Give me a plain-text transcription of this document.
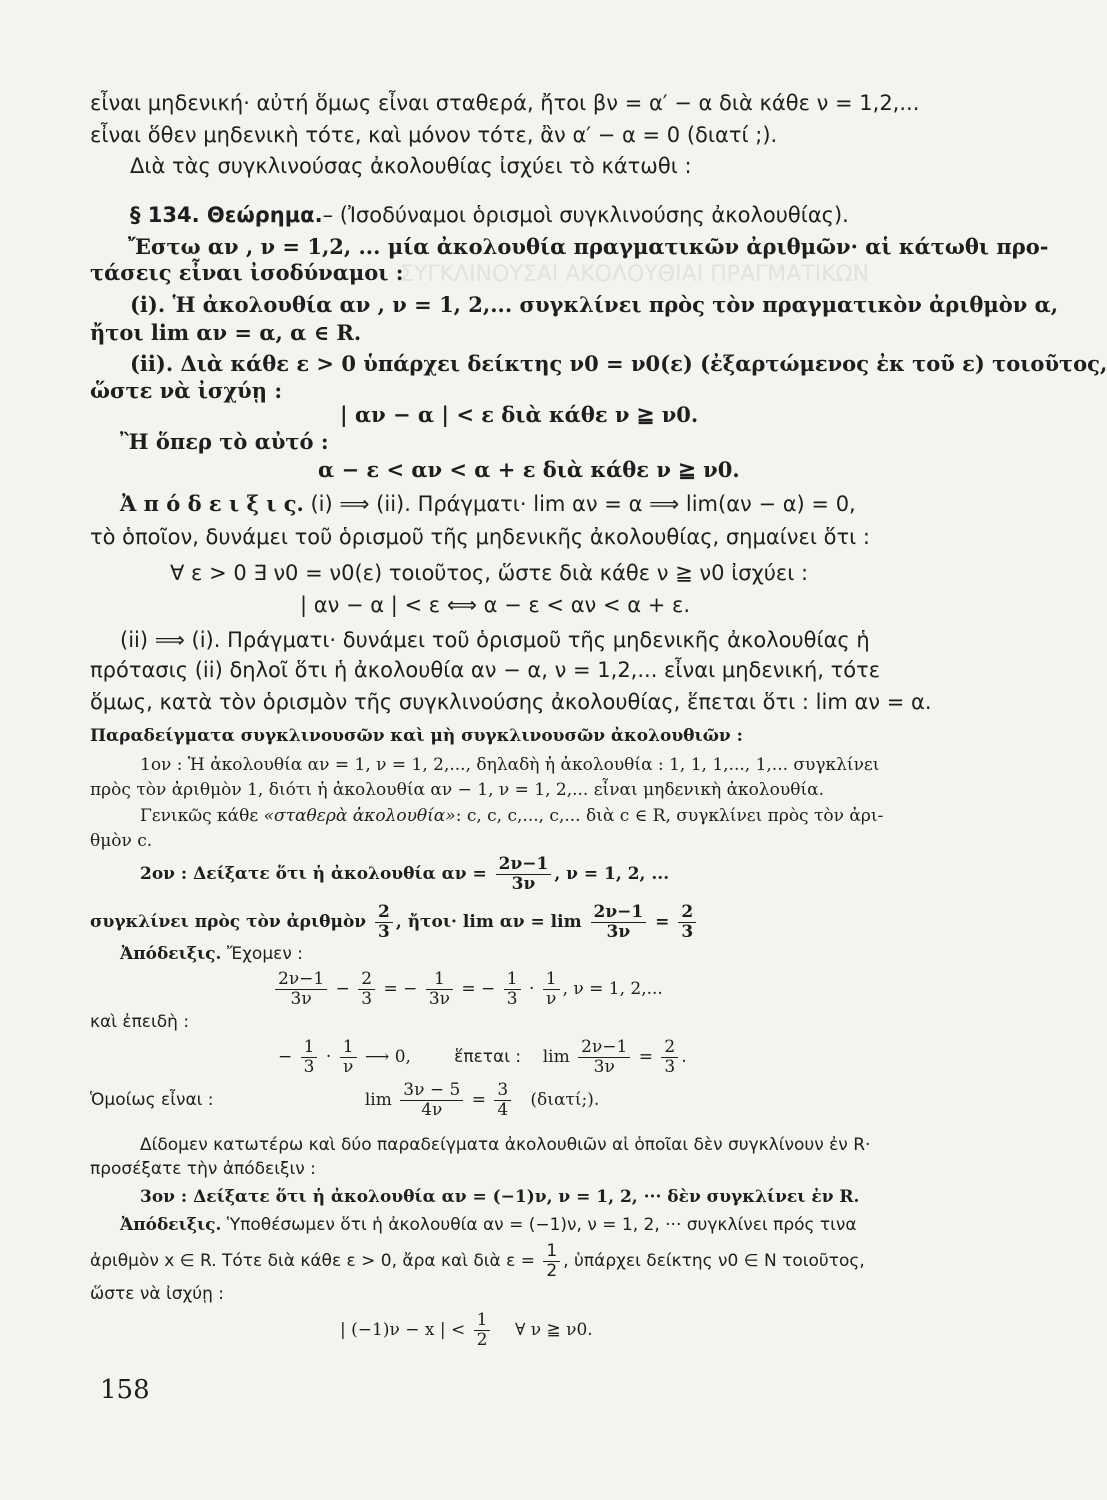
ΣΥΓΚΛΙΝΟΥΣΑΙ ΑΚΟΛΟΥΘΙΑΙ ΠΡΑΓΜΑΤΙΚΩΝ
εἶναι μηδενική· αὐτή ὅμως εἶναι σταθερά, ἤτοι βν = α′ − α διὰ κάθε ν = 1,2,...
εἶναι ὅθεν μηδενικὴ τότε, καὶ μόνον τότε, ἂν α′ − α = 0 (διατί ;).
Διὰ τὰς συγκλινούσας ἀκολουθίας ἰσχύει τὸ κάτωθι :
§ 134. Θεώρημα.– (Ἰσοδύναμοι ὁρισμοὶ συγκλινούσης ἀκολουθίας).
Ἔστω αν , ν = 1,2, ... μία ἀκολουθία πραγματικῶν ἀριθμῶν· αἱ κάτωθι προ-
τάσεις εἶναι ἰσοδύναμοι :
(i). Ἡ ἀκολουθία αν , ν = 1, 2,... συγκλίνει πρὸς τὸν πραγματικὸν ἀριθμὸν α,
ἤτοι lim αν = α, α ∈ R.
(ii). Διὰ κάθε ε > 0 ὑπάρχει δείκτης ν0 = ν0(ε) (ἐξαρτώμενος ἐκ τοῦ ε) τοιοῦτος,
ὥστε νὰ ἰσχύῃ :
| αν − α | < ε διὰ κάθε ν ≧ ν0.
Ἢ ὅπερ τὸ αὐτό :
α − ε < αν < α + ε διὰ κάθε ν ≧ ν0.
Ἀ π ό δ ε ι ξ ι ς. (i) ⟹ (ii). Πράγματι· lim αν = α ⟹ lim(αν − α) = 0,
τὸ ὁποῖον, δυνάμει τοῦ ὁρισμοῦ τῆς μηδενικῆς ἀκολουθίας, σημαίνει ὅτι :
∀ ε > 0 ∃ ν0 = ν0(ε) τοιοῦτος, ὥστε διὰ κάθε ν ≧ ν0 ἰσχύει :
| αν − α | < ε ⟺ α − ε < αν < α + ε.
(ii) ⟹ (i). Πράγματι· δυνάμει τοῦ ὁρισμοῦ τῆς μηδενικῆς ἀκολουθίας ἡ
πρότασις (ii) δηλοῖ ὅτι ἡ ἀκολουθία αν − α, ν = 1,2,... εἶναι μηδενική, τότε
ὅμως, κατὰ τὸν ὁρισμὸν τῆς συγκλινούσης ἀκολουθίας, ἕπεται ὅτι : lim αν = α.
Παραδείγματα συγκλινουσῶν καὶ μὴ συγκλινουσῶν ἀκολουθιῶν :
1ον : Ἡ ἀκολουθία αν = 1, ν = 1, 2,..., δηλαδὴ ἡ ἀκολουθία : 1, 1, 1,..., 1,... συγκλίνει
πρὸς τὸν ἀριθμὸν 1, διότι ἡ ἀκολουθία αν − 1, ν = 1, 2,... εἶναι μηδενικὴ ἀκολουθία.
Γενικῶς κάθε «σταθερὰ ἀκολουθία»: c, c, c,..., c,... διὰ c ∈ R, συγκλίνει πρὸς τὸν ἀρι-
θμὸν c.
2ον : Δείξατε ὅτι ἡ ἀκολουθία $\alpha\nu = \frac{2\nu-1}{3\nu}$ , ν = 1, 2, ...
συγκλίνει πρὸς τὸν ἀριθμὸν $\frac{2}{3}$ , ἤτοι· $\lim \alpha\nu = \lim \frac{2\nu-1}{3\nu} = \frac{2}{3}$
Ἀπόδειξις. Ἔχομεν :
$\frac{2\nu-1}{3\nu} - \frac{2}{3}$ = − $\frac{1}{3\nu}$ = − $\frac{1}{3} \cdot \frac{1}{\nu}$ , ν = 1, 2,...
καὶ ἐπειδὴ :
− $\frac{1}{3} \cdot \frac{1}{\nu}$ ⟶ 0,	ἕπεται : $\lim \frac{2\nu-1}{3\nu} = \frac{2}{3}$ .
Ὁμοίως εἶναι :	$\lim \frac{3\nu - 5}{4\nu} = \frac{3}{4}$ (διατί;).
Δίδομεν κατωτέρω καὶ δύο παραδείγματα ἀκολουθιῶν αἱ ὁποῖαι δὲν συγκλίνουν ἐν R·
προσέξατε τὴν ἀπόδειξιν :
3ον : Δείξατε ὅτι ἡ ἀκολουθία αν = (−1)ν, ν = 1, 2, ··· δὲν συγκλίνει ἐν R.
Ἀπόδειξις. Ὑποθέσωμεν ὅτι ἡ ἀκολουθία αν = (−1)ν, ν = 1, 2, ··· συγκλίνει πρός τινα
ἀριθμὸν x ∈ R. Τότε διὰ κάθε ε > 0, ἄρα καὶ διὰ $\varepsilon = \frac{1}{2}$ , ὑπάρχει δείκτης ν0 ∈ N τοιοῦτος,
ὥστε νὰ ἰσχύῃ :
| (−1)ν − x | < $\frac{1}{2}$ ∀ ν ≧ ν0.
158
